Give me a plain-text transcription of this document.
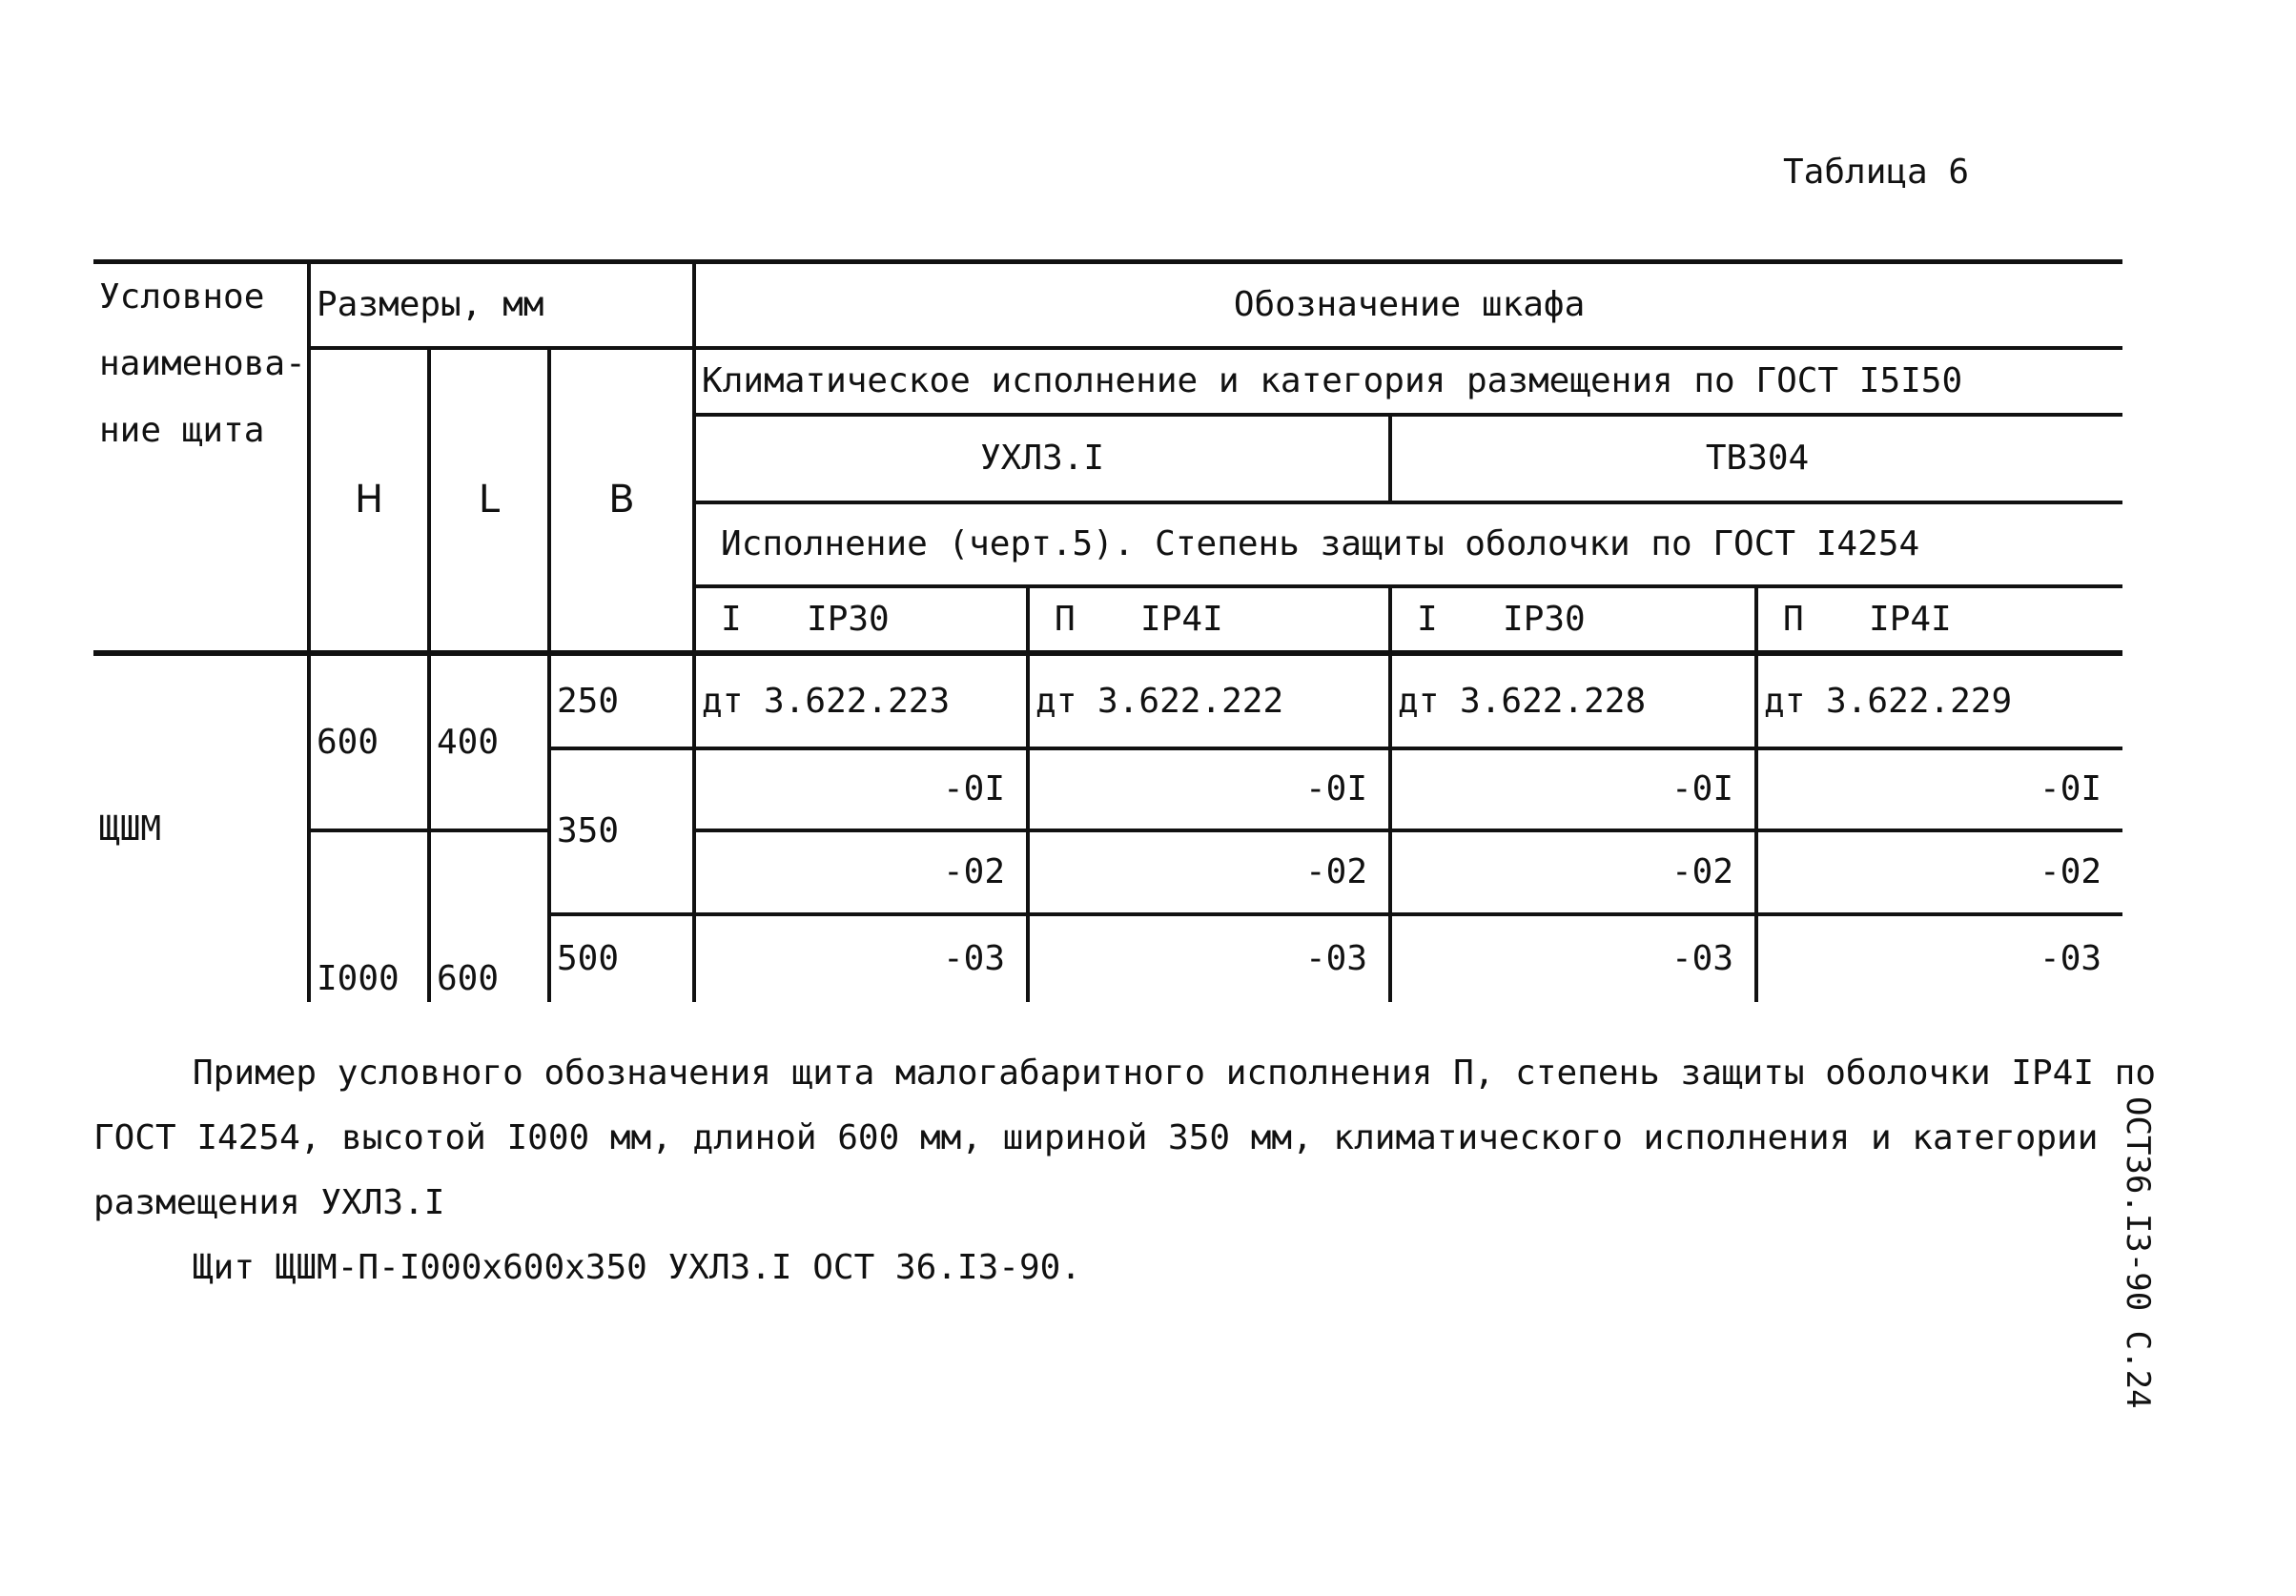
Таблица 6
ОСТ36.I3-90 С.24
Условное наименова- ние щита	Размеры, мм			Обозначение шкафа			
	H	L	B	Климатическое исполнение и категория размещения по ГОСТ I5I50			
				УХЛ3.I		ТВ304	
				Исполнение (черт.5). Степень защиты оболочки по ГОСТ I4254			
				I IP30	П IP4I	I IP30	П IP4I
ЩШМ	600	400	250	дт 3.622.223	дт 3.622.222	дт 3.622.228	дт 3.622.229
			350	-0I	-0I	-0I	-0I
	I000	600		-02	-02	-02	-02
			500	-03	-03	-03	-03

Пример условного обозначения щита малогабаритного исполнения П, степень защиты оболочки IP4I по

ГОСТ I4254, высотой I000 мм, длиной 600 мм, шириной 350 мм, климатического исполнения и категории

размещения УХЛ3.I

Щит ЩШМ-П-I000х600х350 УХЛ3.I ОСТ 36.I3-90.
